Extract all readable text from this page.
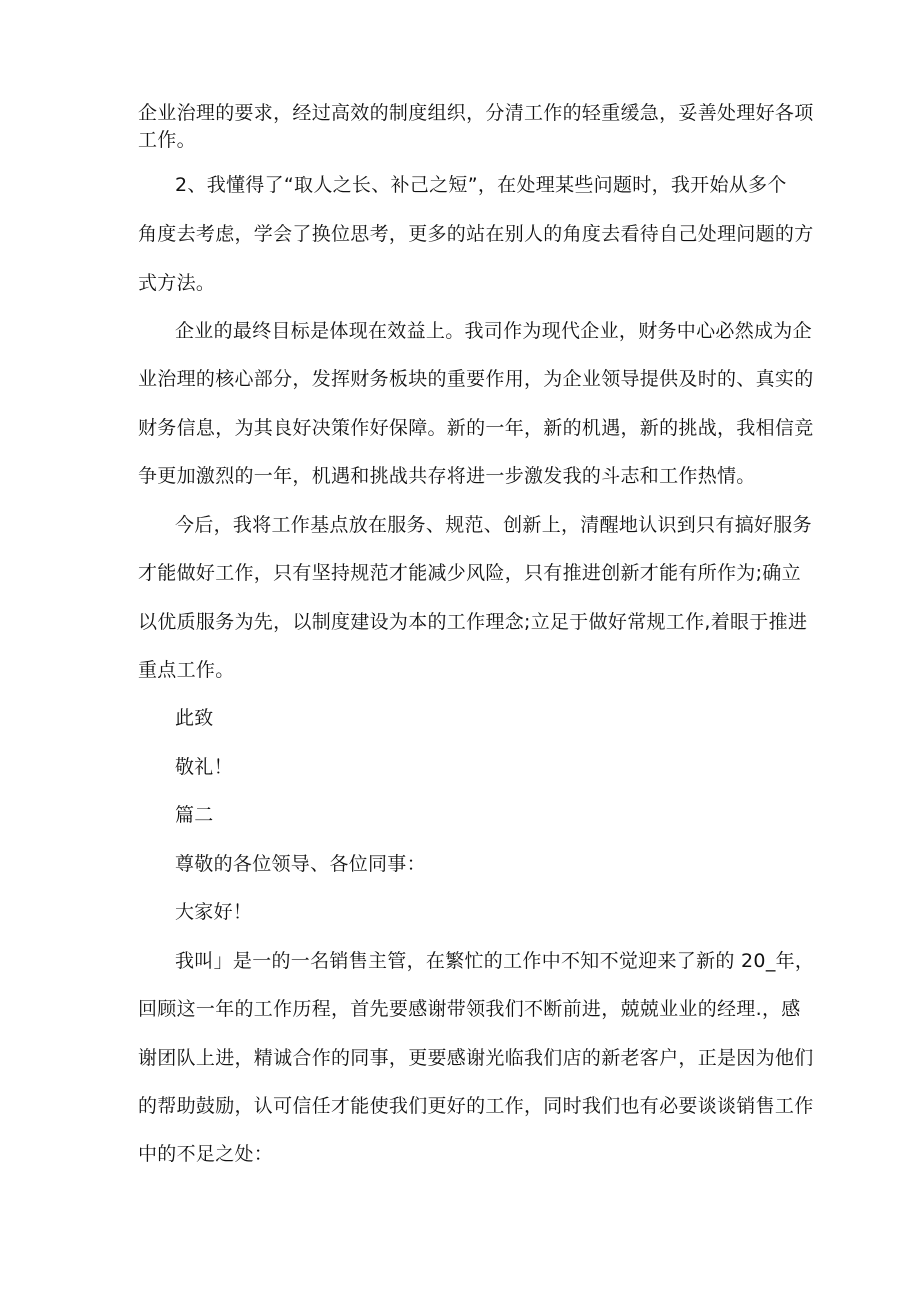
企业治理的要求，经过高效的制度组织，分清工作的轻重缓急，妥善处理好各项
工作。
2、我懂得了“取人之长、补己之短”，在处理某些问题时，我开始从多个
角度去考虑，学会了换位思考，更多的站在别人的角度去看待自己处理问题的方
式方法。
企业的最终目标是体现在效益上。我司作为现代企业，财务中心必然成为企
业治理的核心部分，发挥财务板块的重要作用，为企业领导提供及时的、真实的
财务信息，为其良好决策作好保障。新的一年，新的机遇，新的挑战，我相信竞
争更加激烈的一年，机遇和挑战共存将进一步激发我的斗志和工作热情。
今后，我将工作基点放在服务、规范、创新上，清醒地认识到只有搞好服务
才能做好工作，只有坚持规范才能减少风险，只有推进创新才能有所作为;确立
以优质服务为先，以制度建设为本的工作理念;立足于做好常规工作,着眼于推进
重点工作。
此致
敬礼！
篇二
尊敬的各位领导、各位同事：
大家好！
我叫」是一的一名销售主管，在繁忙的工作中不知不觉迎来了新的 20_年，
回顾这一年的工作历程，首先要感谢带领我们不断前进，兢兢业业的经理.，感
谢团队上进，精诚合作的同事，更要感谢光临我们店的新老客户，正是因为他们
的帮助鼓励，认可信任才能使我们更好的工作，同时我们也有必要谈谈销售工作
中的不足之处：
